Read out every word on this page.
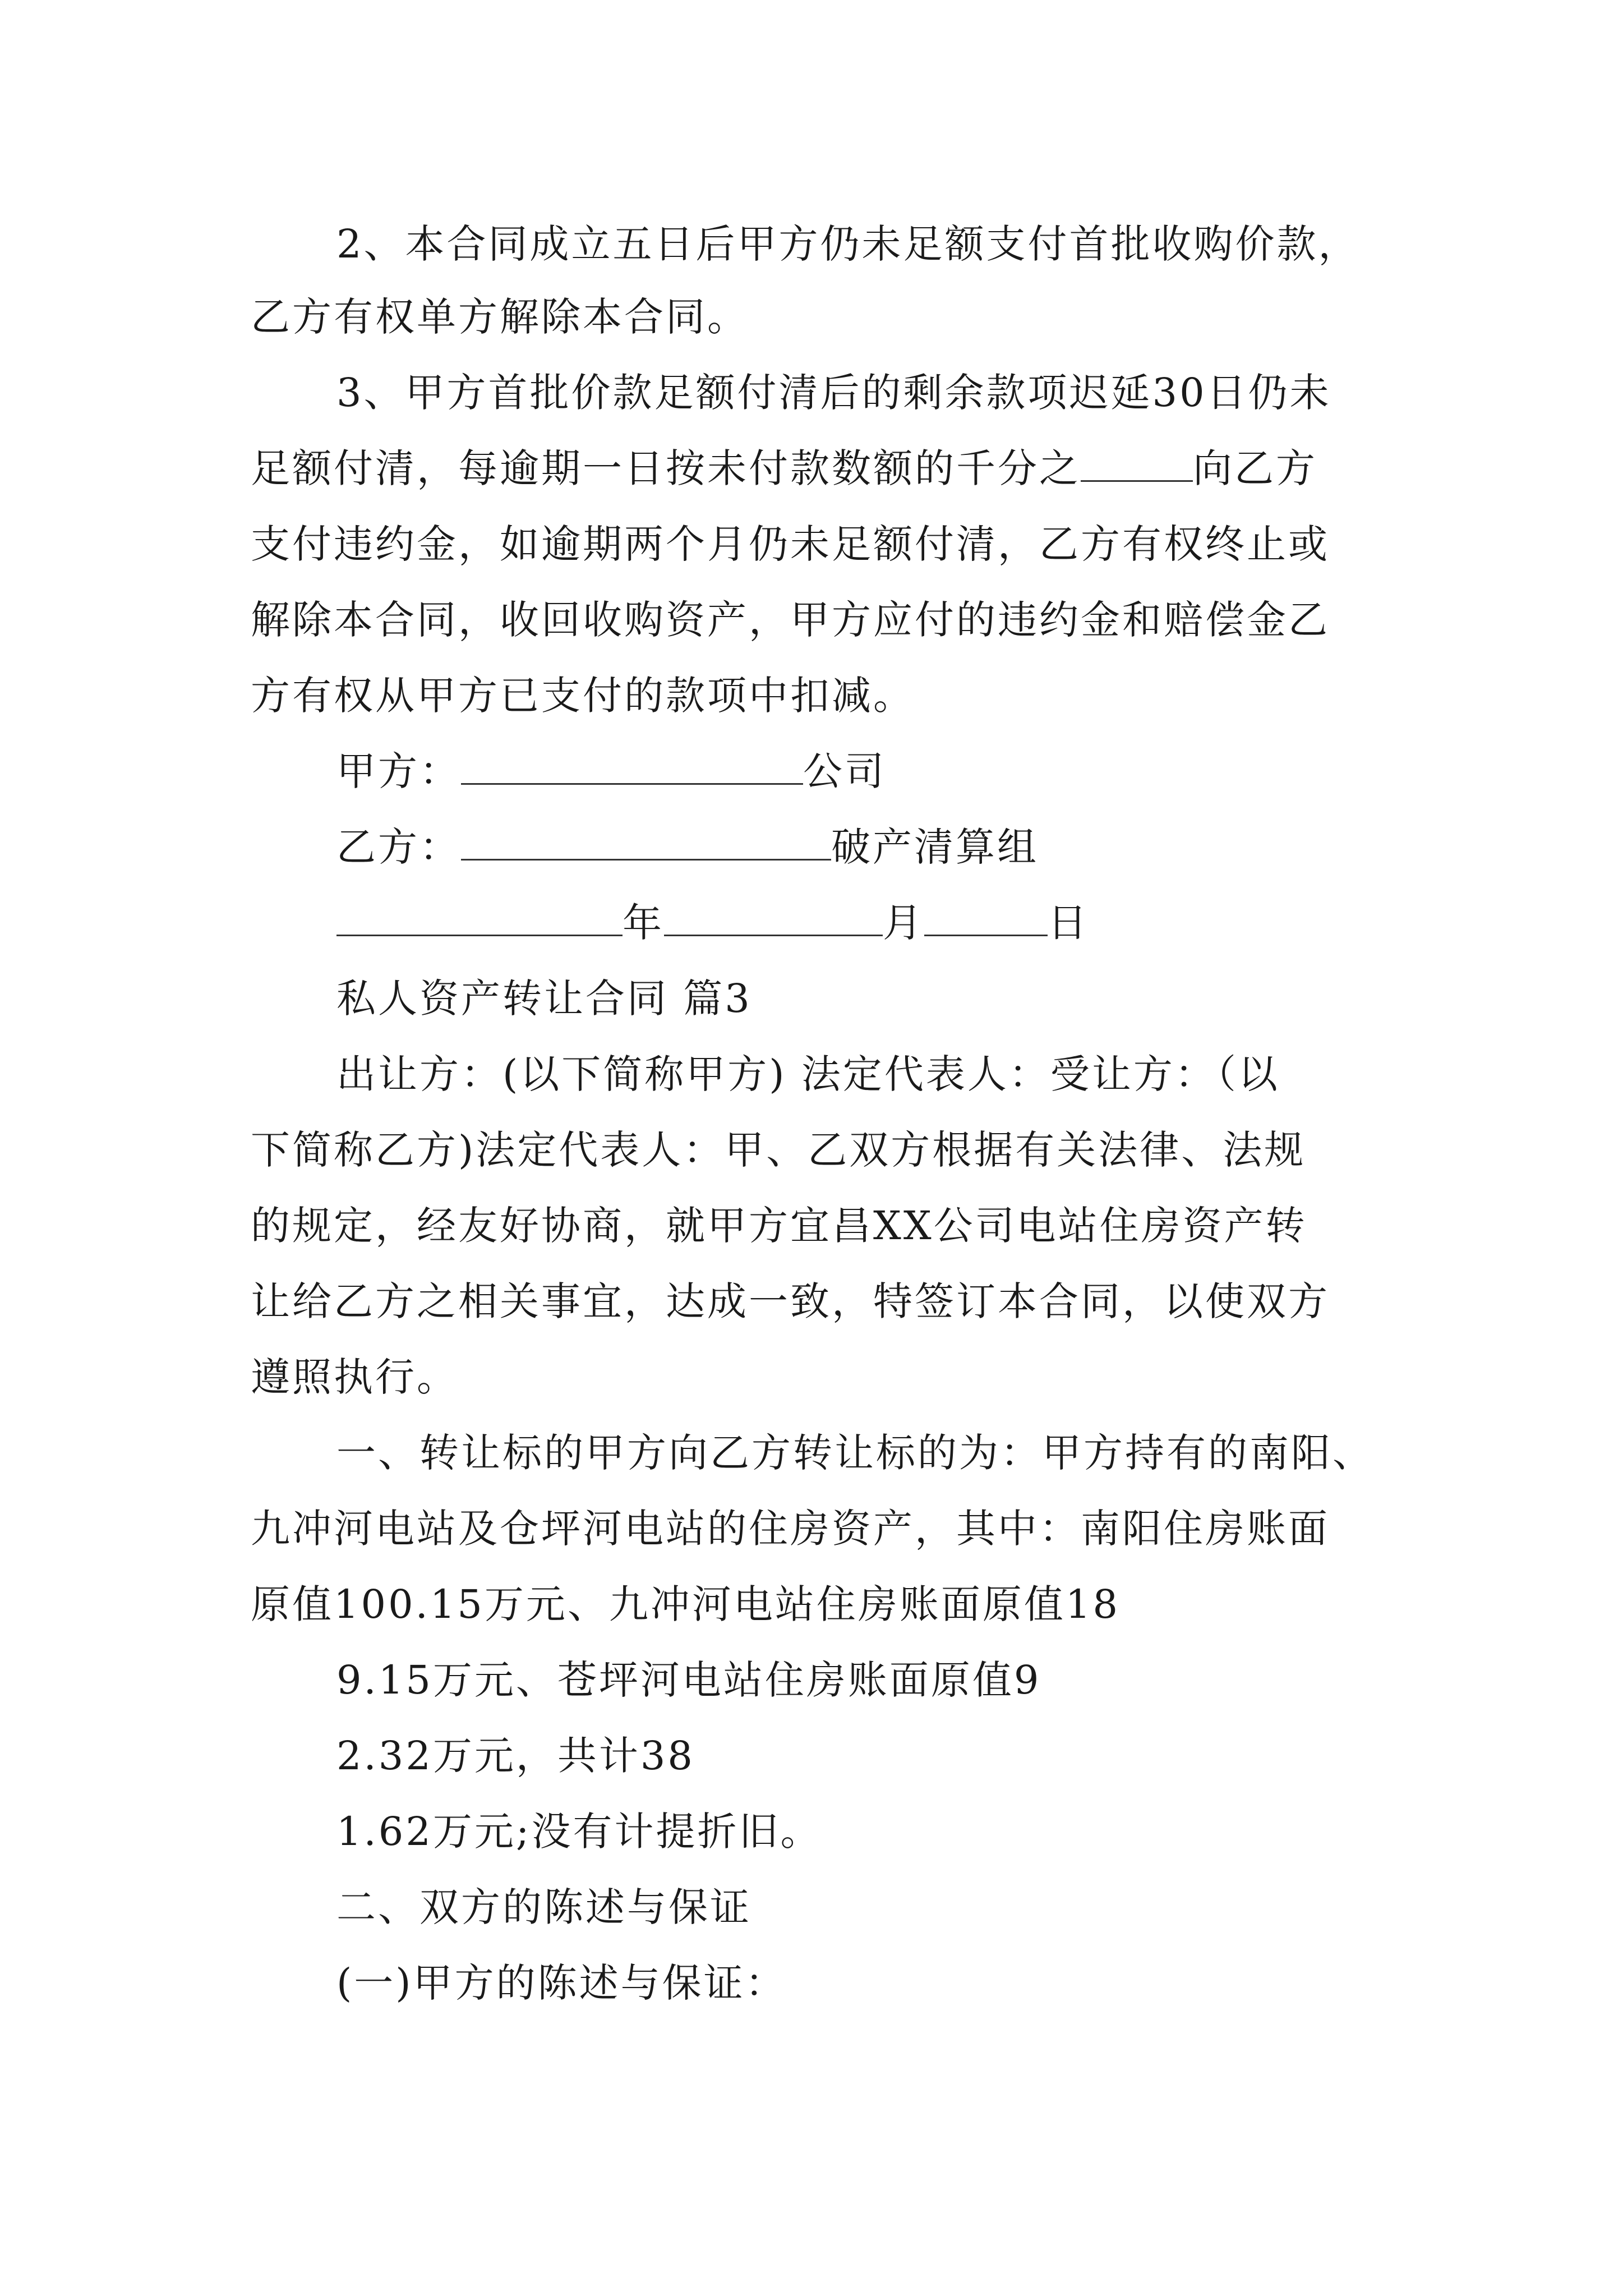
2、本合同成立五日后甲方仍未足额支付首批收购价款，
乙方有权单方解除本合同。
3、甲方首批价款足额付清后的剩余款项迟延30日仍未
足额付清，每逾期一日按未付款数额的千分之	向乙方
支付违约金，如逾期两个月仍未足额付清，乙方有权终止或
解除本合同，收回收购资产，甲方应付的违约金和赔偿金乙
方有权从甲方已支付的款项中扣减。
甲方：	公司
乙方：	破产清算组
年	月	日
私人资产转让合同 篇3
出让方：(以下简称甲方) 法定代表人：受让方：（以
下简称乙方)法定代表人：甲、乙双方根据有关法律、法规
的规定，经友好协商，就甲方宜昌XX公司电站住房资产转
让给乙方之相关事宜，达成一致，特签订本合同，以使双方
遵照执行。
一、转让标的甲方向乙方转让标的为：甲方持有的南阳、
九冲河电站及仓坪河电站的住房资产，其中：南阳住房账面
原值100.15万元、九冲河电站住房账面原值18
9.15万元、苍坪河电站住房账面原值9
2.32万元，共计38
1.62万元;没有计提折旧。
二、双方的陈述与保证
(一)甲方的陈述与保证：
